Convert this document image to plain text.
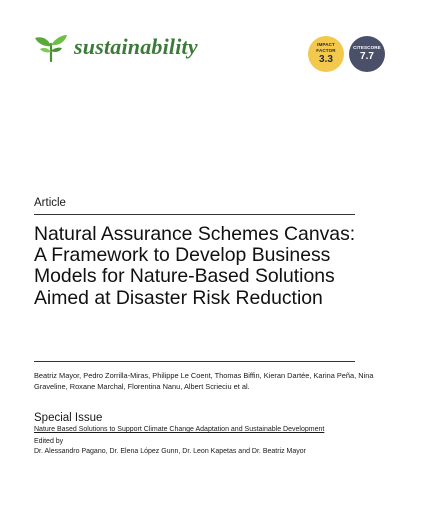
sustainability	IMPACT
FACTOR
3.3
CITESCORE
7.7
Article
Natural Assurance Schemes Canvas: A Framework to Develop Business Models for Nature-Based Solutions Aimed at Disaster Risk Reduction
Beatriz Mayor, Pedro Zorrilla-Miras, Philippe Le Coent, Thomas Biffin, Kieran Dartée, Karina Peña, Nina Graveline, Roxane Marchal, Florentina Nanu, Albert Scrieciu et al.
Special Issue
Nature Based Solutions to Support Climate Change Adaptation and Sustainable Development
Edited by
Dr. Alessandro Pagano, Dr. Elena López Gunn, Dr. Leon Kapetas and Dr. Beatriz Mayor
